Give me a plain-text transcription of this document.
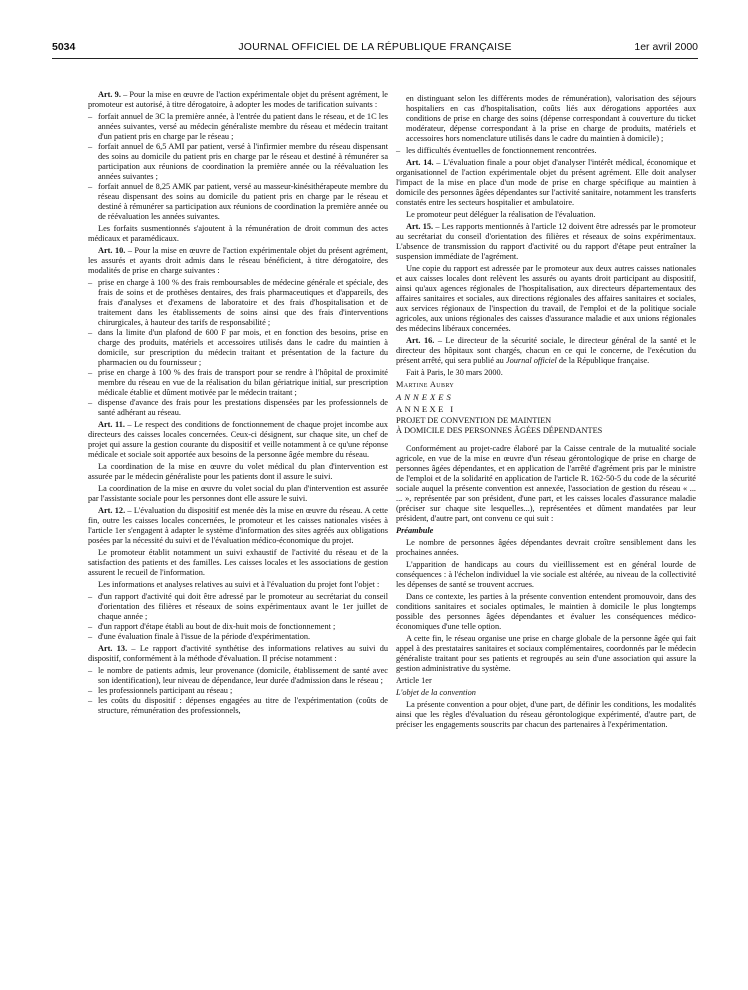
5034	JOURNAL OFFICIEL DE LA RÉPUBLIQUE FRANÇAISE	1er avril 2000

Art. 9. – Pour la mise en œuvre de l'action expérimentale objet du présent agrément, le promoteur est autorisé, à titre dérogatoire, à adopter les modes de tarification suivants :

– forfait annuel de 3C la première année, à l'entrée du patient dans le réseau, et de 1C les années suivantes, versé au médecin généraliste membre du réseau et médecin traitant d'un patient pris en charge par le réseau ;
– forfait annuel de 6,5 AMI par patient, versé à l'infirmier membre du réseau dispensant des soins au domicile du patient pris en charge par le réseau et destiné à rémunérer sa participation aux réunions de coordination la première année ou la réévaluation les années suivantes ;
– forfait annuel de 8,25 AMK par patient, versé au masseur-kinésithérapeute membre du réseau dispensant des soins au domicile du patient pris en charge par le réseau et destiné à rémunérer sa participation aux réunions de coordination la première année ou de réévaluation les années suivantes.

Les forfaits susmentionnés s'ajoutent à la rémunération de droit commun des actes médicaux et paramédicaux.

Art. 10. – Pour la mise en œuvre de l'action expérimentale objet du présent agrément, les assurés et ayants droit admis dans le réseau bénéficient, à titre dérogatoire, des modalités de prise en charge suivantes :

– prise en charge à 100 % des frais remboursables de médecine générale et spéciale, des frais de soins et de prothèses dentaires, des frais pharmaceutiques et d'appareils, des frais d'analyses et d'examens de laboratoire et des frais d'hospitalisation et de traitement dans les établissements de soins ainsi que des frais d'interventions chirurgicales, à hauteur des tarifs de responsabilité ;
– dans la limite d'un plafond de 600 F par mois, et en fonction des besoins, prise en charge des produits, matériels et accessoires utilisés dans le cadre du maintien à domicile, sur prescription du médecin traitant et présentation de la facture du pharmacien ou du fournisseur ;
– prise en charge à 100 % des frais de transport pour se rendre à l'hôpital de proximité membre du réseau en vue de la réalisation du bilan gériatrique initial, sur prescription médicale établie et dûment motivée par le médecin traitant ;
– dispense d'avance des frais pour les prestations dispensées par les professionnels de santé adhérant au réseau.

Art. 11. – Le respect des conditions de fonctionnement de chaque projet incombe aux directeurs des caisses locales concernées. Ceux-ci désignent, sur chaque site, un chef de projet qui assure la gestion courante du dispositif et veille notamment à ce qu'une réponse médicale et sociale soit apportée aux besoins de la personne âgée membre du réseau.

La coordination de la mise en œuvre du volet médical du plan d'intervention est assurée par le médecin généraliste pour les patients dont il assure le suivi.

La coordination de la mise en œuvre du volet social du plan d'intervention est assurée par l'assistante sociale pour les personnes dont elle assure le suivi.

Art. 12. – L'évaluation du dispositif est menée dès la mise en œuvre du réseau. A cette fin, outre les caisses locales concernées, le promoteur et les caisses nationales visées à l'article 1er s'engagent à adapter le système d'information des sites agréés aux obligations posées par la nécessité du suivi et de l'évaluation médico-économique du projet.

Le promoteur établit notamment un suivi exhaustif de l'activité du réseau et de la satisfaction des patients et des familles. Les caisses locales et les associations de gestion assurent le recueil de l'information.

Les informations et analyses relatives au suivi et à l'évaluation du projet font l'objet :

– d'un rapport d'activité qui doit être adressé par le promoteur au secrétariat du conseil d'orientation des filières et réseaux de soins expérimentaux avant le 1er juillet de chaque année ;
– d'un rapport d'étape établi au bout de dix-huit mois de fonctionnement ;
– d'une évaluation finale à l'issue de la période d'expérimentation.

Art. 13. – Le rapport d'activité synthétise des informations relatives au suivi du dispositif, conformément à la méthode d'évaluation. Il précise notamment :

– le nombre de patients admis, leur provenance (domicile, établissement de santé avec son identification), leur niveau de dépendance, leur durée d'admission dans le réseau ;
– les professionnels participant au réseau ;
– les coûts du dispositif : dépenses engagées au titre de l'expérimentation (coûts de structure, rémunération des professionnels,

en distinguant selon les différents modes de rémunération), valorisation des séjours hospitaliers en cas d'hospitalisation, coûts liés aux dérogations apportées aux conditions de prise en charge des soins (dépense correspondant à couverture du ticket modérateur, dépense correspondant à la prise en charge de produits, matériels et accessoires hors nomenclature utilisés dans le cadre du maintien à domicile) ;

– les difficultés éventuelles de fonctionnement rencontrées.

Art. 14. – L'évaluation finale a pour objet d'analyser l'intérêt médical, économique et organisationnel de l'action expérimentale objet du présent agrément. Elle doit analyser l'impact de la mise en place d'un mode de prise en charge spécifique au maintien à domicile des personnes âgées dépendantes sur l'activité sanitaire, notamment les transferts constatés entre les secteurs hospitalier et ambulatoire.

Le promoteur peut déléguer la réalisation de l'évaluation.

Art. 15. – Les rapports mentionnés à l'article 12 doivent être adressés par le promoteur au secrétariat du conseil d'orientation des filières et réseaux de soins expérimentaux. L'absence de transmission du rapport d'activité ou du rapport d'étape peut entraîner la suspension immédiate de l'agrément.

Une copie du rapport est adressée par le promoteur aux deux autres caisses nationales et aux caisses locales dont relèvent les assurés ou ayants droit participant au dispositif, ainsi qu'aux agences régionales de l'hospitalisation, aux directeurs départementaux des affaires sanitaires et sociales, aux directions régionales des affaires sanitaires et sociales, aux services régionaux de l'inspection du travail, de l'emploi et de la politique sociale agricoles, aux unions régionales des caisses d'assurance maladie et aux unions régionales des médecins libéraux concernées.

Art. 16. – Le directeur de la sécurité sociale, le directeur général de la santé et le directeur des hôpitaux sont chargés, chacun en ce qui le concerne, de l'exécution du présent arrêté, qui sera publié au Journal officiel de la République française.

Fait à Paris, le 30 mars 2000.

Martine Aubry

ANNEXES

ANNEXE I

PROJET DE CONVENTION DE MAINTIEN

À DOMICILE DES PERSONNES ÂGÉES DÉPENDANTES

Conformément au projet-cadre élaboré par la Caisse centrale de la mutualité sociale agricole, en vue de la mise en œuvre d'un réseau gérontologique de prise en charge de personnes âgées dépendantes, et en application de l'arrêté d'agrément pris par le ministre de l'emploi et de la solidarité en application de l'article R. 162-50-5 du code de la sécurité sociale auquel la présente convention est annexée, l'association de gestion du réseau « ... ... », représentée par son président, d'une part, et les caisses locales d'assurance maladie (préciser sur chaque site lesquelles...), représentées et dûment mandatées par leur président, d'autre part, ont convenu ce qui suit :

Préambule

Le nombre de personnes âgées dépendantes devrait croître sensiblement dans les prochaines années.

L'apparition de handicaps au cours du vieillissement est en général lourde de conséquences : à l'échelon individuel la vie sociale est altérée, au niveau de la collectivité les dépenses de santé se trouvent accrues.

Dans ce contexte, les parties à la présente convention entendent promouvoir, dans des conditions sanitaires et sociales optimales, le maintien à domicile le plus longtemps possible des personnes âgées dépendantes et évaluer les conséquences médico-économiques d'une telle option.

A cette fin, le réseau organise une prise en charge globale de la personne âgée qui fait appel à des prestataires sanitaires et sociaux complémentaires, coordonnés par le médecin généraliste traitant pour ses patients et regroupés au sein d'une association qui assure la gestion administrative du système.

Article 1er

L'objet de la convention

La présente convention a pour objet, d'une part, de définir les conditions, les modalités ainsi que les règles d'évaluation du réseau gérontologique expérimenté, d'autre part, de préciser les engagements souscrits par chacun des partenaires à l'expérimentation.
